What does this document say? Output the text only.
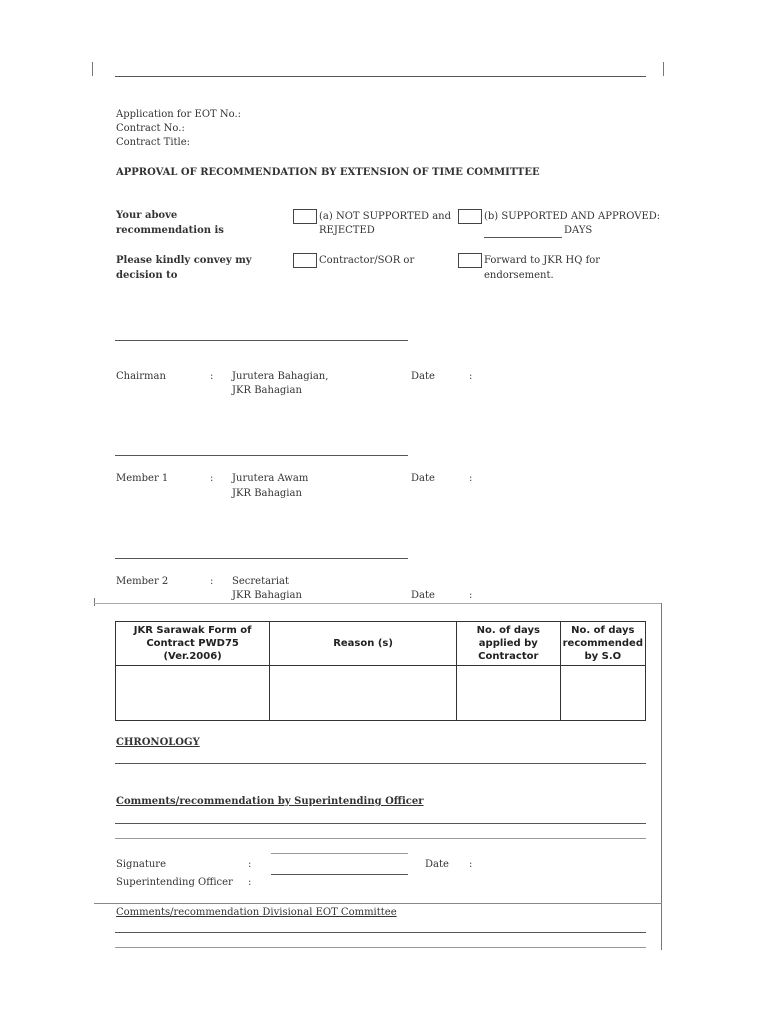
Application for EOT No.:
Contract No.:
Contract Title:
APPROVAL OF RECOMMENDATION BY EXTENSION OF TIME COMMITTEE
Your above
recommendation is
(a) NOT SUPPORTED and
REJECTED
(b) SUPPORTED AND APPROVED:
DAYS
Please kindly convey my
decision to
Contractor/SOR or	Forward to JKR HQ for
endorsement.
Chairman	: Jurutera Bahagian,
JKR Bahagian
Date	:
Member 1	: Jurutera Awam
JKR Bahagian
Date	:
Member 2	: Secretariat
JKR Bahagian	Date	:
JKR Sarawak Form of Contract PWD75 (Ver.2006)	Reason (s)	No. of days applied by Contractor	No. of days recommended by S.O

CHRONOLOGY
Comments/recommendation by Superintending Officer
Signature	:	Date :
Superintending Officer :
Comments/recommendation Divisional EOT Committee
